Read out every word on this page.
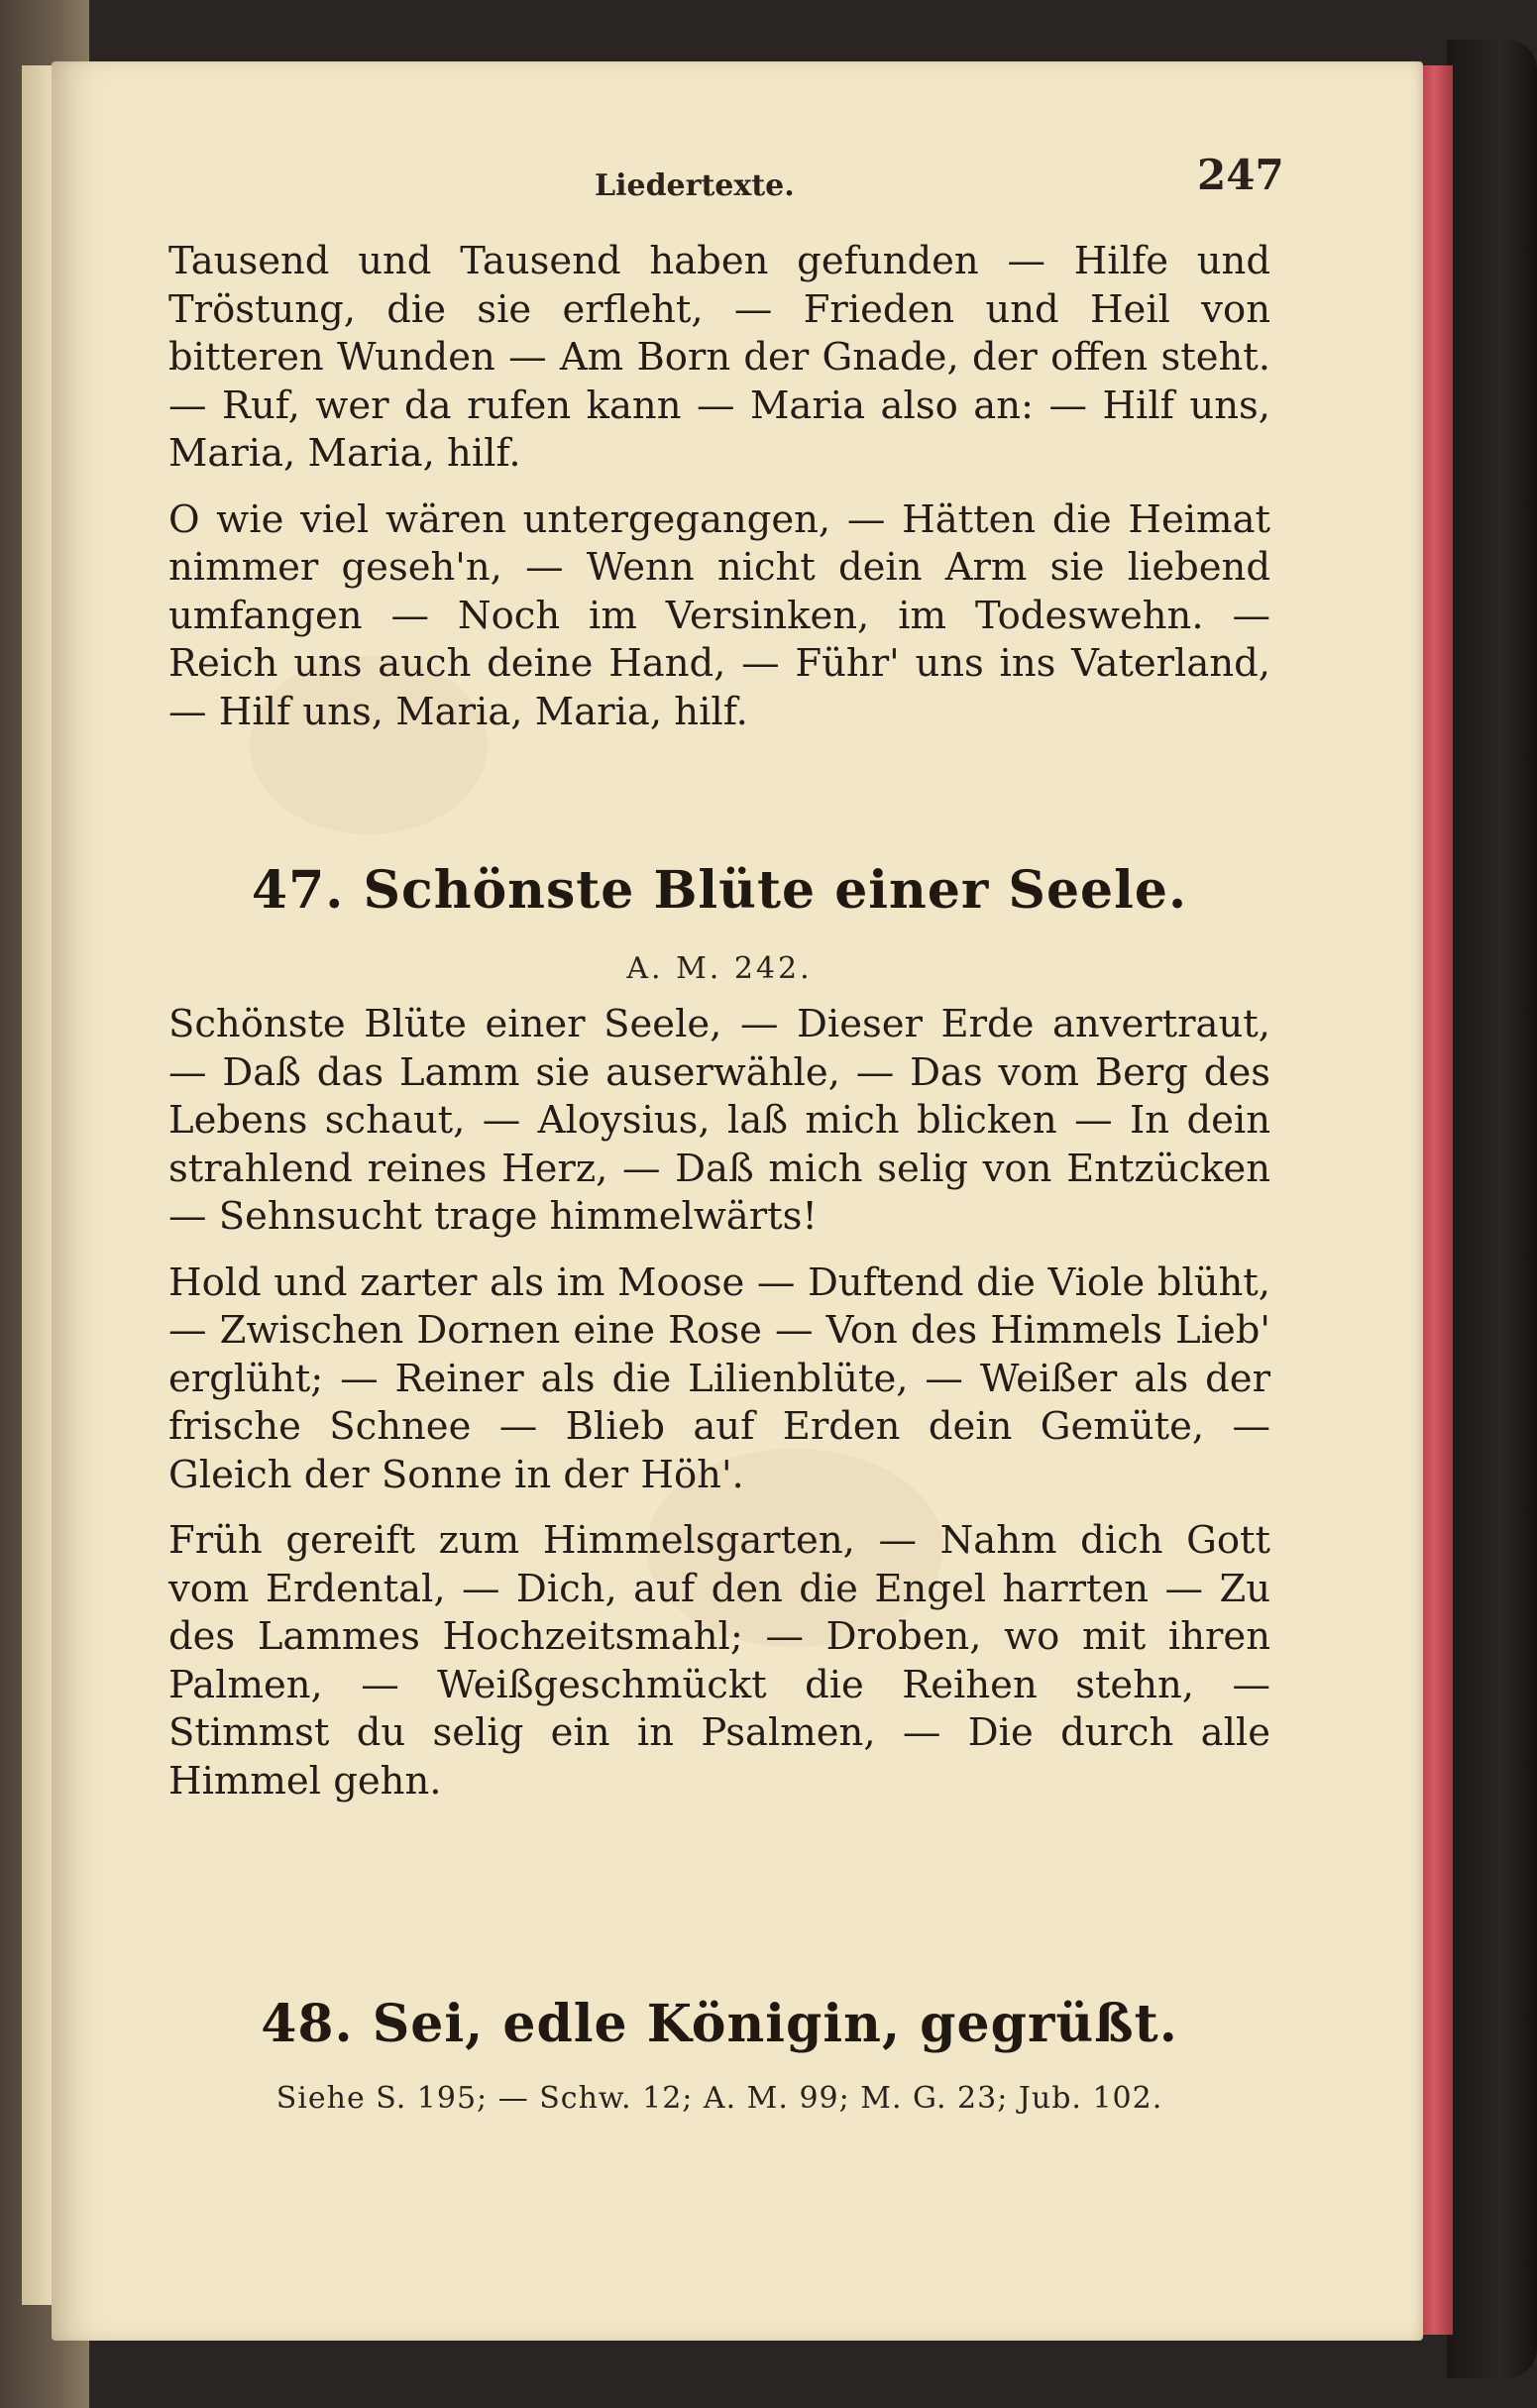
Liedertexte.	247

Tausend und Tausend haben gefunden — Hilfe und Tröstung, die sie erfleht, — Frieden und Heil von bitteren Wunden — Am Born der Gnade, der offen steht. — Ruf, wer da rufen kann — Maria also an: — Hilf uns, Maria, Maria, hilf.

O wie viel wären untergegangen, — Hätten die Heimat nimmer geseh'n, — Wenn nicht dein Arm sie liebend umfangen — Noch im Versinken, im Todeswehn. — Reich uns auch deine Hand, — Führ' uns ins Vaterland, — Hilf uns, Maria, Maria, hilf.

47. Schönste Blüte einer Seele.
A. M. 242.

Schönste Blüte einer Seele, — Dieser Erde anvertraut, — Daß das Lamm sie auserwähle, — Das vom Berg des Lebens schaut, — Aloysius, laß mich blicken — In dein strahlend reines Herz, — Daß mich selig von Entzücken — Sehnsucht trage himmelwärts!

Hold und zarter als im Moose — Duftend die Viole blüht, — Zwischen Dornen eine Rose — Von des Himmels Lieb' erglüht; — Reiner als die Lilienblüte, — Weißer als der frische Schnee — Blieb auf Erden dein Gemüte, — Gleich der Sonne in der Höh'.

Früh gereift zum Himmelsgarten, — Nahm dich Gott vom Erdental, — Dich, auf den die Engel harrten — Zu des Lammes Hochzeitsmahl; — Droben, wo mit ihren Palmen, — Weißgeschmückt die Reihen stehn, — Stimmst du selig ein in Psalmen, — Die durch alle Himmel gehn.

48. Sei, edle Königin, gegrüßt.
Siehe S. 195; — Schw. 12; A. M. 99; M. G. 23; Jub. 102.
